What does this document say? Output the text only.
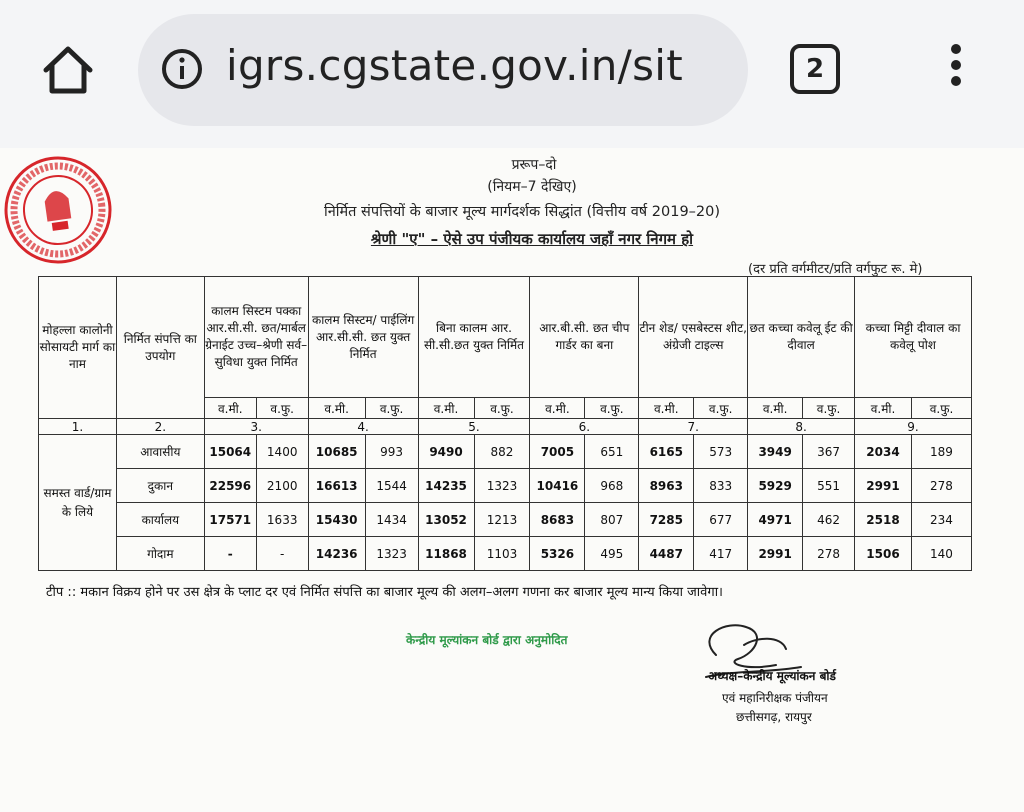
igrs.cgstate.gov.in/sit	2
प्ररूप–दो
(नियम–7 देखिए)
निर्मित संपत्तियों के बाजार मूल्य मार्गदर्शक सिद्धांत (वित्तीय वर्ष 2019–20)
श्रेणी "ए" – ऐसे उप पंजीयक कार्यालय जहॉं नगर निगम हो
(दर प्रति वर्गमीटर/प्रति वर्गफुट रू. मे)
मोहल्ला कालोनी सोसायटी मार्ग का नाम	निर्मित संपत्ति का उपयोग	कालम सिस्टम पक्का आर.सी.सी. छत/मार्बल ग्रेनाईट उच्च–श्रेणी सर्व–सुविधा युक्त निर्मित		कालम सिस्टम/ पाईलिंग आर.सी.सी. छत युक्त निर्मित		बिना कालम आर. सी.सी.छत युक्त निर्मित		आर.बी.सी. छत चीप गार्डर का बना		टीन शेड/ एसबेस्टस शीट, अंग्रेजी टाइल्स		छत कच्चा कवेलू ईट की दीवाल		कच्चा मिट्टी दीवाल का कवेलू पोश	
		व.मी.	व.फु.	व.मी.	व.फु.	व.मी.	व.फु.	व.मी.	व.फु.	व.मी.	व.फु.	व.मी.	व.फु.	व.मी.	व.फु.
1.	2.	3.		4.		5.		6.		7.		8.		9.	
समस्त वार्ड/ग्राम के लिये	आवासीय	15064	1400	10685	993	9490	882	7005	651	6165	573	3949	367	2034	189
	दुकान	22596	2100	16613	1544	14235	1323	10416	968	8963	833	5929	551	2991	278
	कार्यालय	17571	1633	15430	1434	13052	1213	8683	807	7285	677	4971	462	2518	234
	गोदाम	-	-	14236	1323	11868	1103	5326	495	4487	417	2991	278	1506	140
टीप :: मकान विक्रय होने पर उस क्षेत्र के प्लाट दर एवं निर्मित संपत्ति का बाजार मूल्य की अलग–अलग गणना कर बाजार मूल्य मान्य किया जावेगा।
केन्द्रीय मूल्यांकन बोर्ड द्वारा अनुमोदित
अध्यक्ष–केन्द्रीय मूल्यांकन बोर्ड
एवं महानिरीक्षक पंजीयन
छत्तीसगढ़, रायपुर
